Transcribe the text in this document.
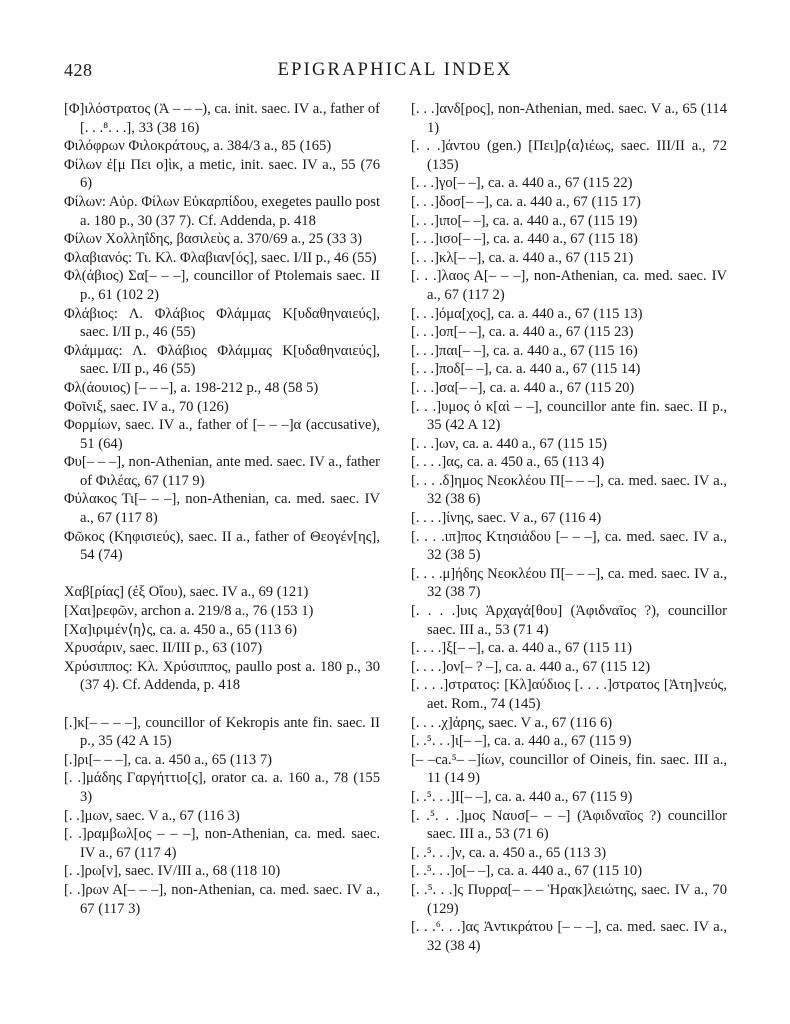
428	EPIGRAPHICAL INDEX
[Φ]ιλόστρατος (Ἀ – – –), ca. init. saec. IV a., father of [. . .⁸. . .], 33 (38 16)
Φιλόφρων Φιλοκράτους, a. 384/3 a., 85 (165)
Φίλων ἐ[μ Πει ο]ὶκ, a metic, init. saec. IV a., 55 (76 6)
Φίλων: Αὐρ. Φίλων Εὐκαρπίδου, exegetes paullo post a. 180 p., 30 (37 7). Cf. Addenda, p. 418
Φίλων Χολληΐδης, βασιλεὺς a. 370/69 a., 25 (33 3)
Φλαβιανός: Τι. Κλ. Φλαβιαν[ός], saec. I/II p., 46 (55)
Φλ(άβιος) Σα[– – –], councillor of Ptolemais saec. II p., 61 (102 2)
Φλάβιος: Λ. Φλάβιος Φλάμμας Κ[υδαθηναιεύς], saec. I/II p., 46 (55)
Φλάμμας: Λ. Φλάβιος Φλάμμας Κ[υδαθηναιεύς], saec. I/II p., 46 (55)
Φλ(άουιος) [– – –], a. 198-212 p., 48 (58 5)
Φοῖνιξ, saec. IV a., 70 (126)
Φορμίων, saec. IV a., father of [– – –]α (accusative), 51 (64)
Φυ[– – –], non-Athenian, ante med. saec. IV a., father of Φιλέας, 67 (117 9)
Φύλακος Τι[– – –], non-Athenian, ca. med. saec. IV a., 67 (117 8)
Φῶκος (Κηφισιεύς), saec. II a., father of Θεογέν[ης], 54 (74)
Χαβ[ρίας] (ἐξ Οἴου), saec. IV a., 69 (121)
[Χαι]ρεφῶν, archon a. 219/8 a., 76 (153 1)
[Χα]ιριμέν⟨η⟩ς, ca. a. 450 a., 65 (113 6)
Χρυσάριν, saec. II/III p., 63 (107)
Χρύσιππος: Κλ. Χρύσιππος, paullo post a. 180 p., 30 (37 4). Cf. Addenda, p. 418
[.]κ[– – – –], councillor of Kekropis ante fin. saec. II p., 35 (42 A 15)
[.]ρι[– – –], ca. a. 450 a., 65 (113 7)
[. .]μάδης Γαργήττιο[ς], orator ca. a. 160 a., 78 (155 3)
[. .]μων, saec. V a., 67 (116 3)
[. .]ραμβωλ[ος – – –], non-Athenian, ca. med. saec. IV a., 67 (117 4)
[. .]ρω[ν], saec. IV/III a., 68 (118 10)
[. .]ρων Α[– – –], non-Athenian, ca. med. saec. IV a., 67 (117 3)
[. . .]ανδ[ρος], non-Athenian, med. saec. V a., 65 (114 1)
[. . .]άντου (gen.) [Πει]ρ⟨α⟩ιέως, saec. III/II a., 72 (135)
[. . .]γο[– –], ca. a. 440 a., 67 (115 22)
[. . .]δοσ[– –], ca. a. 440 a., 67 (115 17)
[. . .]ιπο[– –], ca. a. 440 a., 67 (115 19)
[. . .]ισο[– –], ca. a. 440 a., 67 (115 18)
[. . .]κλ[– –], ca. a. 440 a., 67 (115 21)
[. . .]λαος Α[– – –], non-Athenian, ca. med. saec. IV a., 67 (117 2)
[. . .]όμα[χος], ca. a. 440 a., 67 (115 13)
[. . .]οπ[– –], ca. a. 440 a., 67 (115 23)
[. . .]παι[– –], ca. a. 440 a., 67 (115 16)
[. . .]ποδ[– –], ca. a. 440 a., 67 (115 14)
[. . .]σα[– –], ca. a. 440 a., 67 (115 20)
[. . .]υμος ὁ κ[αὶ – –], councillor ante fin. saec. II p., 35 (42 A 12)
[. . .]ων, ca. a. 440 a., 67 (115 15)
[. . . .]ας, ca. a. 450 a., 65 (113 4)
[. . . .δ]ημος Νεοκλέου Π[– – –], ca. med. saec. IV a., 32 (38 6)
[. . . .]ίνης, saec. V a., 67 (116 4)
[. . . .ιπ]πος Κτησιάδου [– – –], ca. med. saec. IV a., 32 (38 5)
[. . . .μ]ήδης Νεοκλέου Π[– – –], ca. med. saec. IV a., 32 (38 7)
[. . . .]υις Ἀρχαγά[θου] (Ἀφιδναῖος ?), councillor saec. III a., 53 (71 4)
[. . . .]ξ[– –], ca. a. 440 a., 67 (115 11)
[. . . .]ον[– ? –], ca. a. 440 a., 67 (115 12)
[. . . .]στρατος: [Κλ]αύδιος [. . . .]στρατος [Ἀτη]νεύς, aet. Rom., 74 (145)
[. . . .χ]άρης, saec. V a., 67 (116 6)
[. .⁵. . .]ι[– –], ca. a. 440 a., 67 (115 9)
[– –ca.⁵– –]ίων, councillor of Oineis, fin. saec. III a., 11 (14 9)
[. .⁵. . .]Ι[– –], ca. a. 440 a., 67 (115 9)
[. .⁵. . .]μος Ναυσ[– – –] (Ἀφιδναῖος ?) councillor saec. III a., 53 (71 6)
[. .⁵. . .]ν, ca. a. 450 a., 65 (113 3)
[. .⁵. . .]ο[– –], ca. a. 440 a., 67 (115 10)
[. .⁵. . .]ς Πυρρα[– – – Ἡρακ]λειώτης, saec. IV a., 70 (129)
[. . .⁶. . .]ας Ἀντικράτου [– – –], ca. med. saec. IV a., 32 (38 4)
